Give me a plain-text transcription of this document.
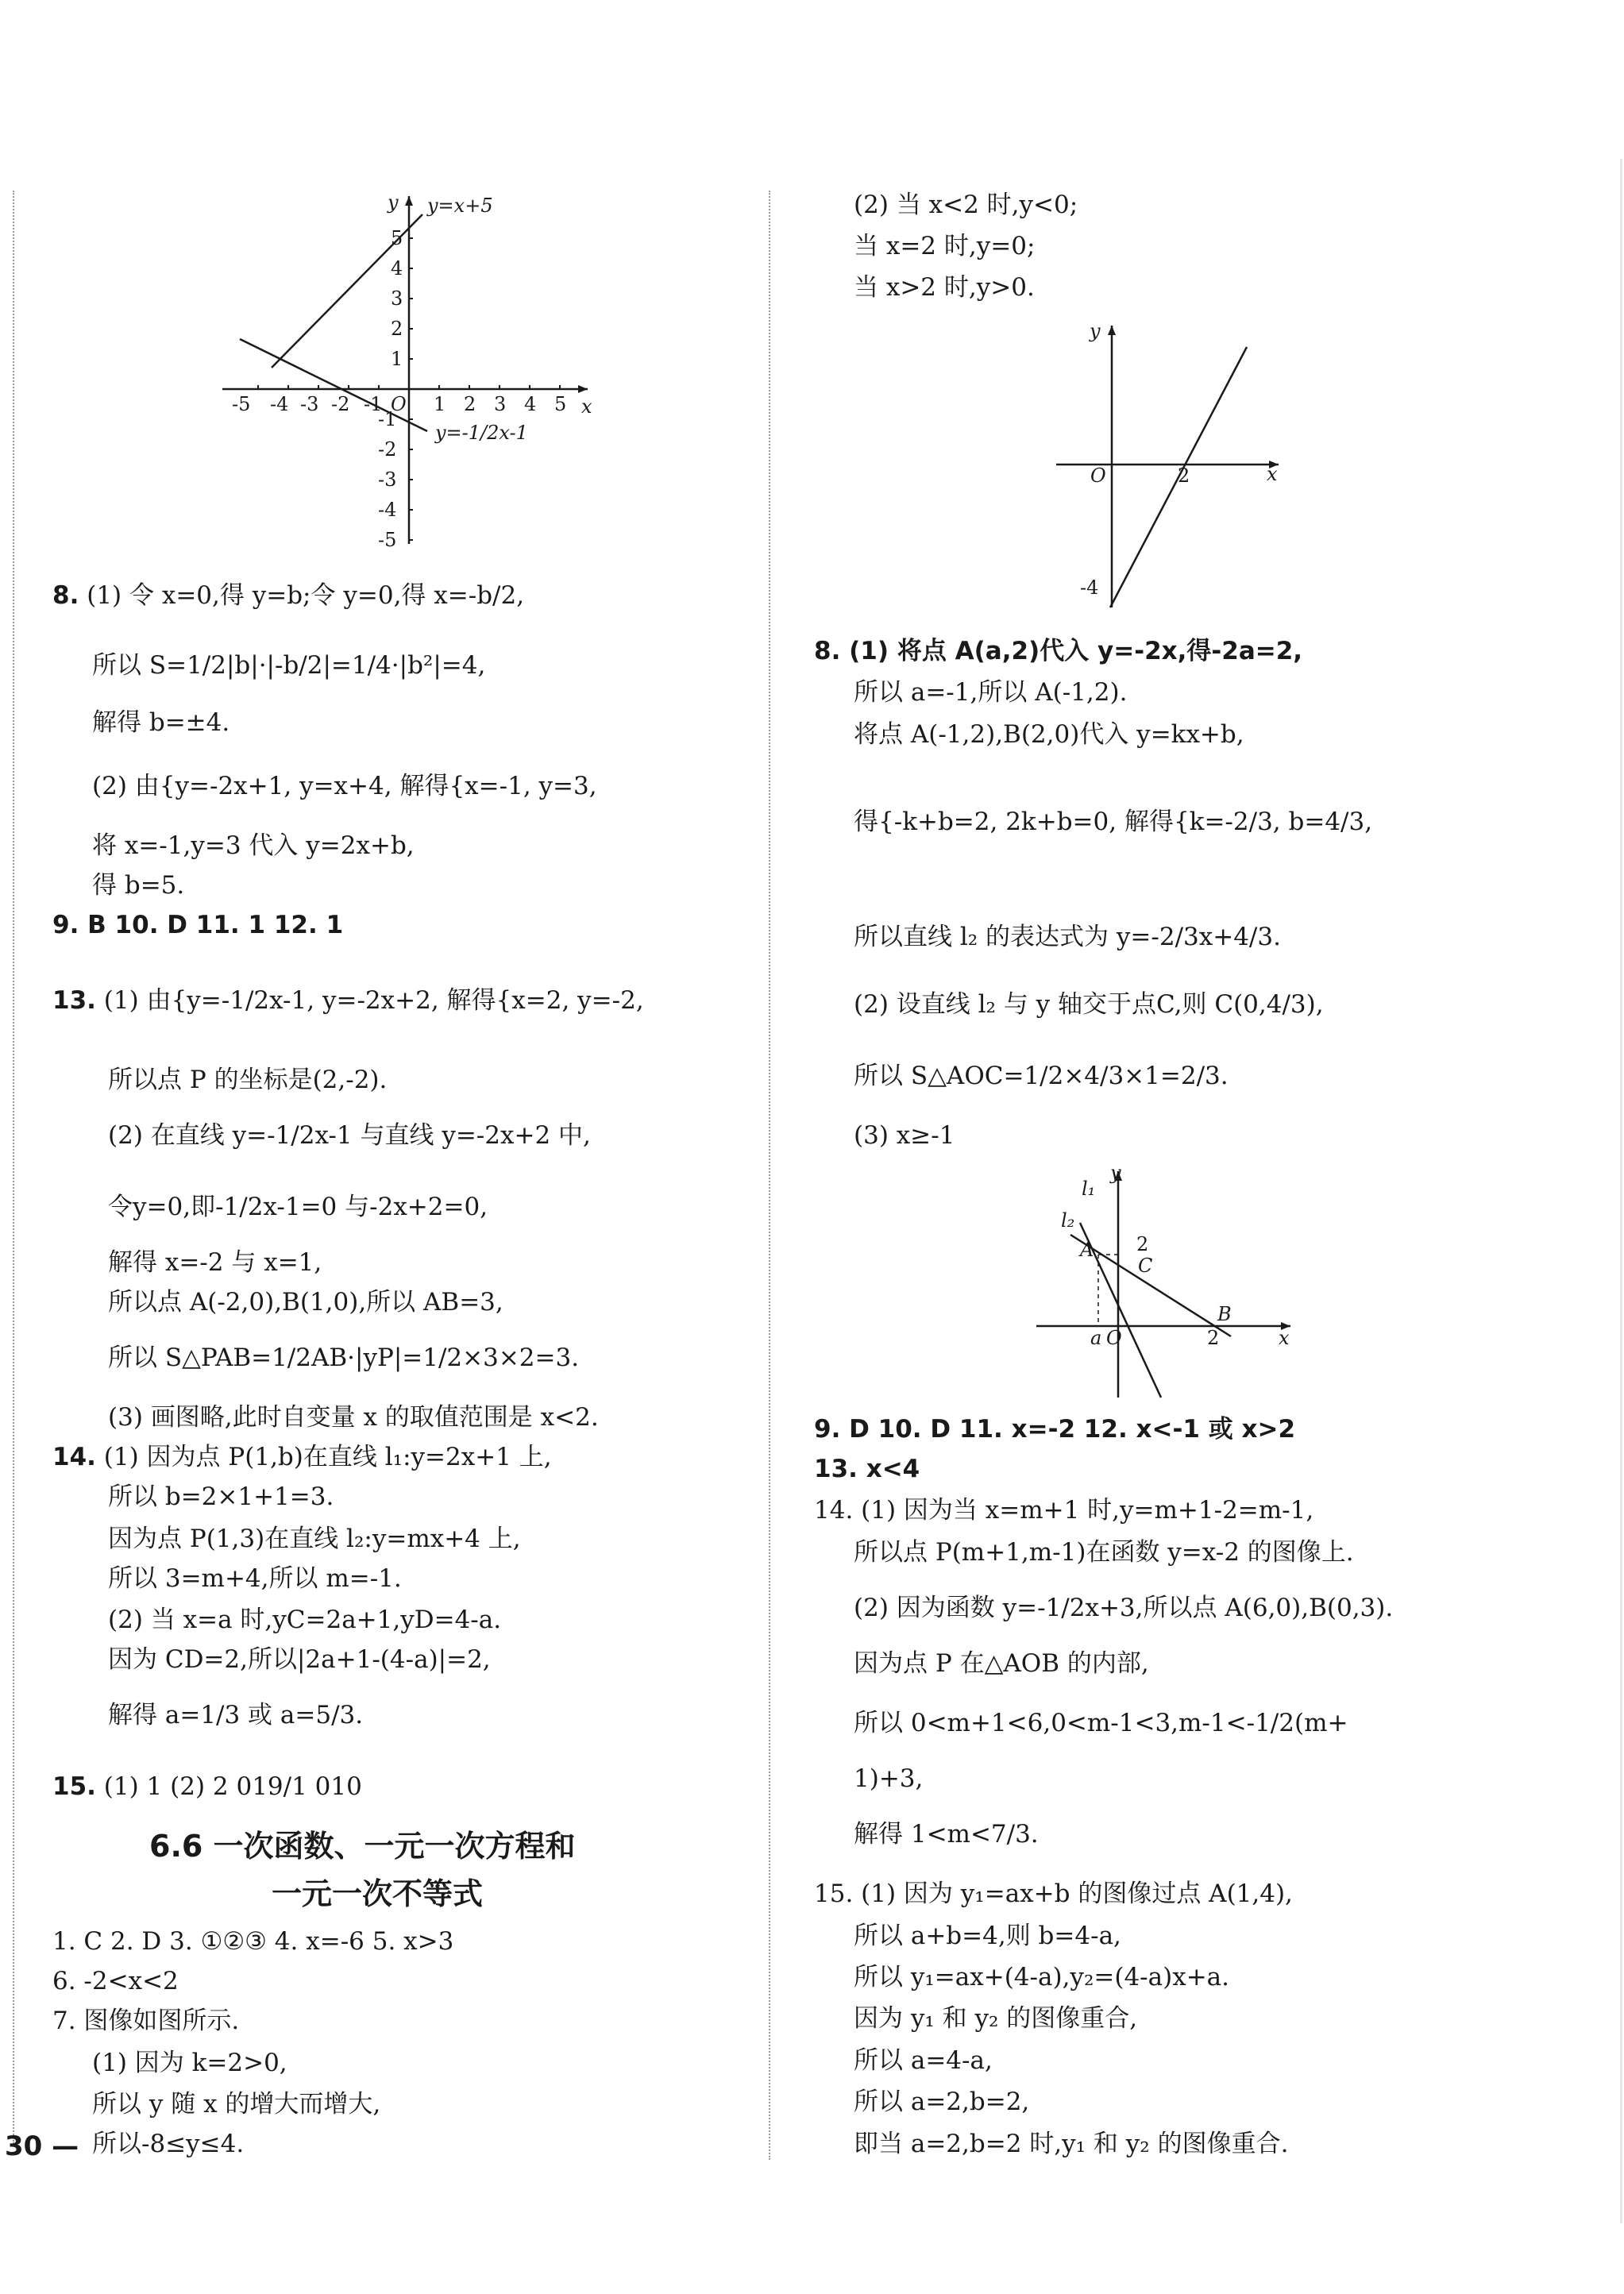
-5 -4 -3 -2 -1 O 1 2 3 4 5 x
y
5
4
3
2
1
-1
-2
-3
-4
-5
y=x+5
y=-1/2x-1
8. (1) 令 x=0,得 y=b;令 y=0,得 x=-b/2,
所以 S=1/2|b|·|-b/2|=1/4·|b²|=4,
解得 b=±4.
(2) 由{y=-2x+1, y=x+4, 解得{x=-1, y=3,
将 x=-1,y=3 代入 y=2x+b,
得 b=5.
9. B 10. D 11. 1 12. 1
13. (1) 由{y=-1/2x-1, y=-2x+2, 解得{x=2, y=-2,
所以点 P 的坐标是(2,-2).
(2) 在直线 y=-1/2x-1 与直线 y=-2x+2 中,
令y=0,即-1/2x-1=0 与-2x+2=0,
解得 x=-2 与 x=1,
所以点 A(-2,0),B(1,0),所以 AB=3,
所以 S△PAB=1/2AB·|yP|=1/2×3×2=3.
(3) 画图略,此时自变量 x 的取值范围是 x<2.
14. (1) 因为点 P(1,b)在直线 l₁:y=2x+1 上,
所以 b=2×1+1=3.
因为点 P(1,3)在直线 l₂:y=mx+4 上,
所以 3=m+4,所以 m=-1.
(2) 当 x=a 时,yC=2a+1,yD=4-a.
因为 CD=2,所以|2a+1-(4-a)|=2,
解得 a=1/3 或 a=5/3.
15. (1) 1 (2) 2 019/1 010
6.6 一次函数、一元一次方程和
一元一次不等式
1. C 2. D 3. ①②③ 4. x=-6 5. x>3
6. -2<x<2
7. 图像如图所示.
(1) 因为 k=2>0,
所以 y 随 x 的增大而增大,
所以-8≤y≤4.
30 —
(2) 当 x<2 时,y<0;
当 x=2 时,y=0;
当 x>2 时,y>0.
x
y
O	2
-4
8. (1) 将点 A(a,2)代入 y=-2x,得-2a=2,
所以 a=-1,所以 A(-1,2).
将点 A(-1,2),B(2,0)代入 y=kx+b,
得{-k+b=2, 2k+b=0, 解得{k=-2/3, b=4/3,
所以直线 l₂ 的表达式为 y=-2/3x+4/3.
(2) 设直线 l₂ 与 y 轴交于点C,则 C(0,4/3),
所以 S△AOC=1/2×4/3×1=2/3.
(3) x≥-1
l₁
l₂
y
A
C
B
x
a O
2
2
9. D 10. D 11. x=-2 12. x<-1 或 x>2
13. x<4
14. (1) 因为当 x=m+1 时,y=m+1-2=m-1,
所以点 P(m+1,m-1)在函数 y=x-2 的图像上.
(2) 因为函数 y=-1/2x+3,所以点 A(6,0),B(0,3).
因为点 P 在△AOB 的内部,
所以 0<m+1<6,0<m-1<3,m-1<-1/2(m+
1)+3,
解得 1<m<7/3.
15. (1) 因为 y₁=ax+b 的图像过点 A(1,4),
所以 a+b=4,则 b=4-a,
所以 y₁=ax+(4-a),y₂=(4-a)x+a.
因为 y₁ 和 y₂ 的图像重合,
所以 a=4-a,
所以 a=2,b=2,
即当 a=2,b=2 时,y₁ 和 y₂ 的图像重合.
